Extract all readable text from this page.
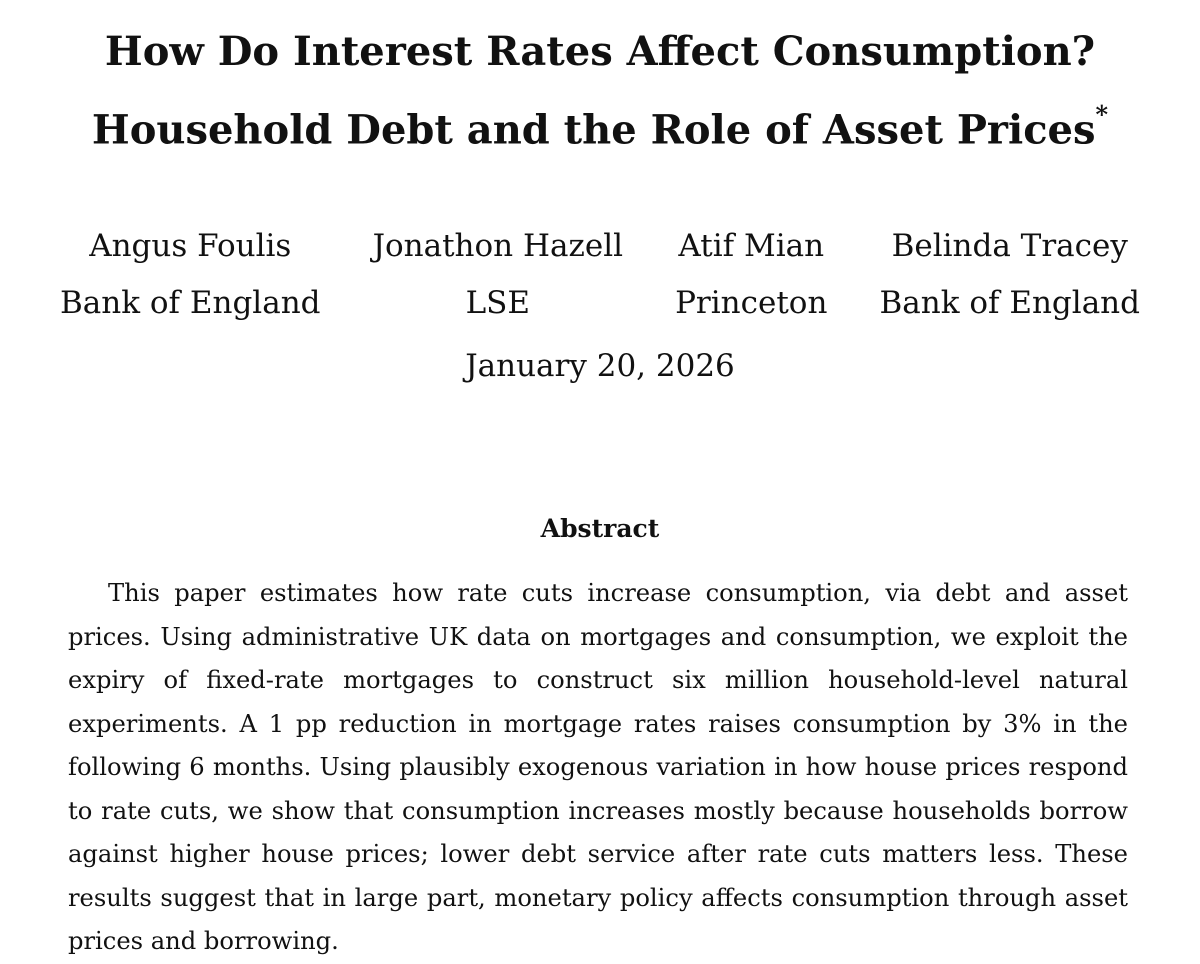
How Do Interest Rates Affect Consumption?
Household Debt and the Role of Asset Prices*
Angus Foulis
Bank of England
Jonathon Hazell
LSE
Atif Mian
Princeton
Belinda Tracey
Bank of England
January 20, 2026
Abstract

This paper estimates how rate cuts increase consumption, via debt and asset prices. Using administrative UK data on mortgages and consumption, we exploit the expiry of fixed-rate mortgages to construct six million household-level natural experiments. A 1 pp reduction in mortgage rates raises consumption by 3% in the following 6 months. Using plausibly exogenous variation in how house prices respond to rate cuts, we show that consumption increases mostly because households borrow against higher house prices; lower debt service after rate cuts matters less. These results suggest that in large part, monetary policy affects consumption through asset prices and borrowing.
